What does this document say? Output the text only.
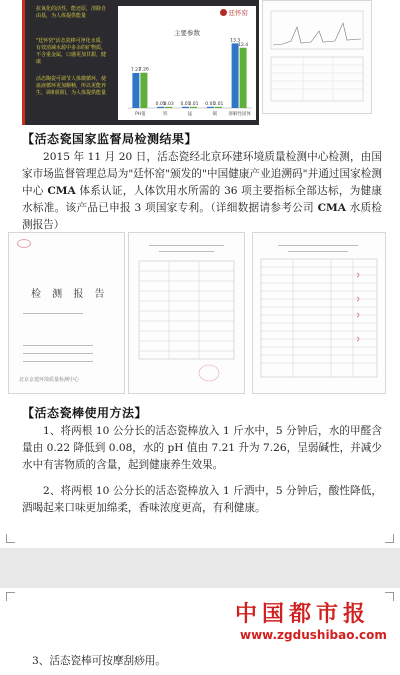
抗氧化的活性，能还原，清除自由基，为人体提供能量
"廷怀窑"活态瓷棒可净化水质，有效消减水源中多余的矿物质，不含重金属，口感更加甘甜，健康
活态陶瓷可调节人体微循环，使血液循环更加顺畅，所以更能养生，调和阴阳，为人体提供能量
廷怀窑
主要参数
7.21
7.26
PH值
0.05
0.03
铁
0.01
0.01
锰
0.01
0.01
铜
13.3
12.4
溶解性固体
【活态瓷国家监督局检测结果】
2015 年 11 月 20 日，活态瓷经北京环建环境质量检测中心检测，由国家市场监督管理总局为"廷怀窑"颁发的"中国健康产业追溯码"并通过国家检测中心 CMA 体系认证，人体饮用水所需的 36 项主要指标全部达标，为健康水标准。该产品已申报 3 项国家专利。（详细数据请参考公司 CMA 水质检测报告）
检 测 报 告
北京京建环境质量检测中心
【活态瓷棒使用方法】
1、将两根 10 公分长的活态瓷棒放入 1 斤水中，5 分钟后，水的甲醛含量由 0.22 降低到 0.08，水的 pH 值由 7.21 升为 7.26，呈弱碱性，并减少水中有害物质的含量，起到健康养生效果。
2、将两根 10 公分长的活态瓷棒放入 1 斤酒中，5 分钟后，酸性降低，酒喝起来口味更加绵柔，香味浓度更高，有利健康。
中国都市报
www.zgdushibao.com
3、活态瓷棒可按摩刮痧用。
